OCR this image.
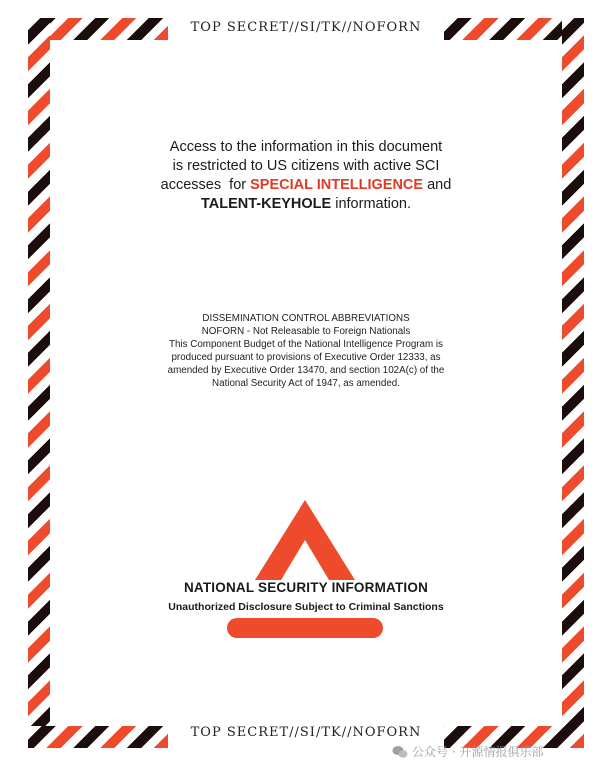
TOP SECRET//SI/TK//NOFORN
Access to the information in this document
is restricted to US citizens with active SCI
accesses  for SPECIAL INTELLIGENCE and
TALENT-KEYHOLE information.
DISSEMINATION CONTROL ABBREVIATIONS
NOFORN - Not Releasable to Foreign Nationals
This Component Budget of the National Intelligence Program is
produced pursuant to provisions of Executive Order 12333, as
amended by Executive Order 13470, and section 102A(c) of the
National Security Act of 1947, as amended.
NATIONAL SECURITY INFORMATION
Unauthorized Disclosure Subject to Criminal Sanctions
TOP SECRET//SI/TK//NOFORN
公众号 · 开源情报俱乐部
